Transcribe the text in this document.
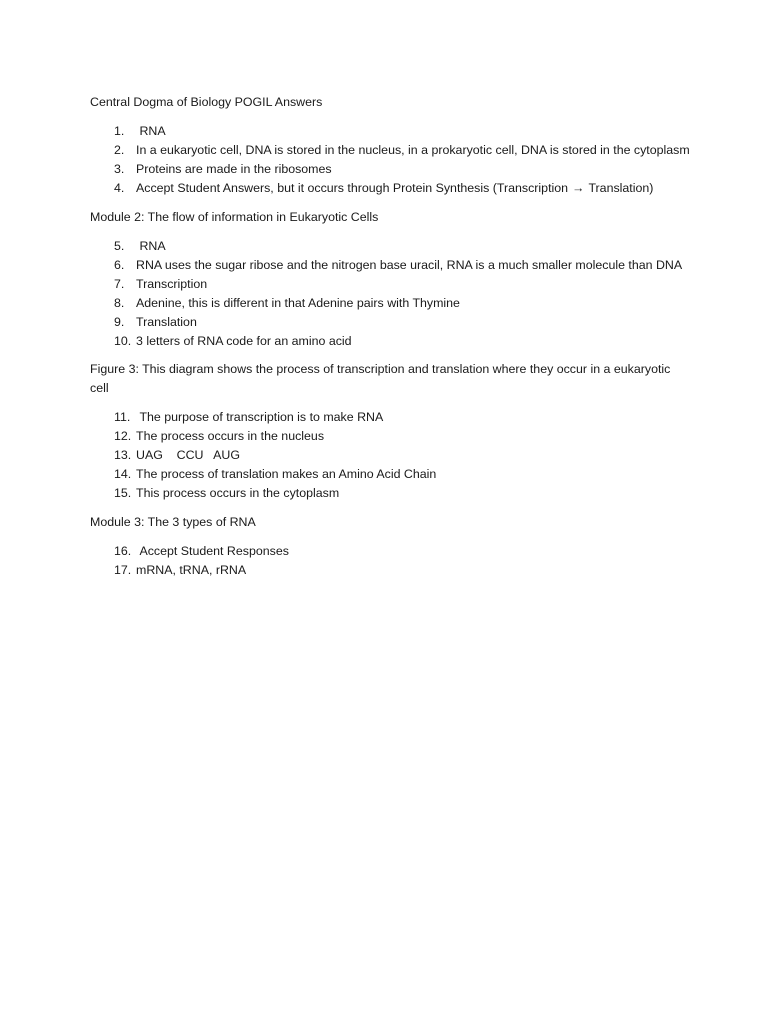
Central Dogma of Biology POGIL Answers
1. RNA
2. In a eukaryotic cell, DNA is stored in the nucleus, in a prokaryotic cell, DNA is stored in the cytoplasm
3. Proteins are made in the ribosomes
4. Accept Student Answers, but it occurs through Protein Synthesis (Transcription → Translation)
Module 2: The flow of information in Eukaryotic Cells
5. RNA
6. RNA uses the sugar ribose and the nitrogen base uracil, RNA is a much smaller molecule than DNA
7. Transcription
8. Adenine, this is different in that Adenine pairs with Thymine
9. Translation
10. 3 letters of RNA code for an amino acid
Figure 3: This diagram shows the process of transcription and translation where they occur in a eukaryotic cell
11. The purpose of transcription is to make RNA
12. The process occurs in the nucleus
13. UAG    CCU   AUG
14. The process of translation makes an Amino Acid Chain
15. This process occurs in the cytoplasm
Module 3: The 3 types of RNA
16. Accept Student Responses
17. mRNA, tRNA, rRNA
